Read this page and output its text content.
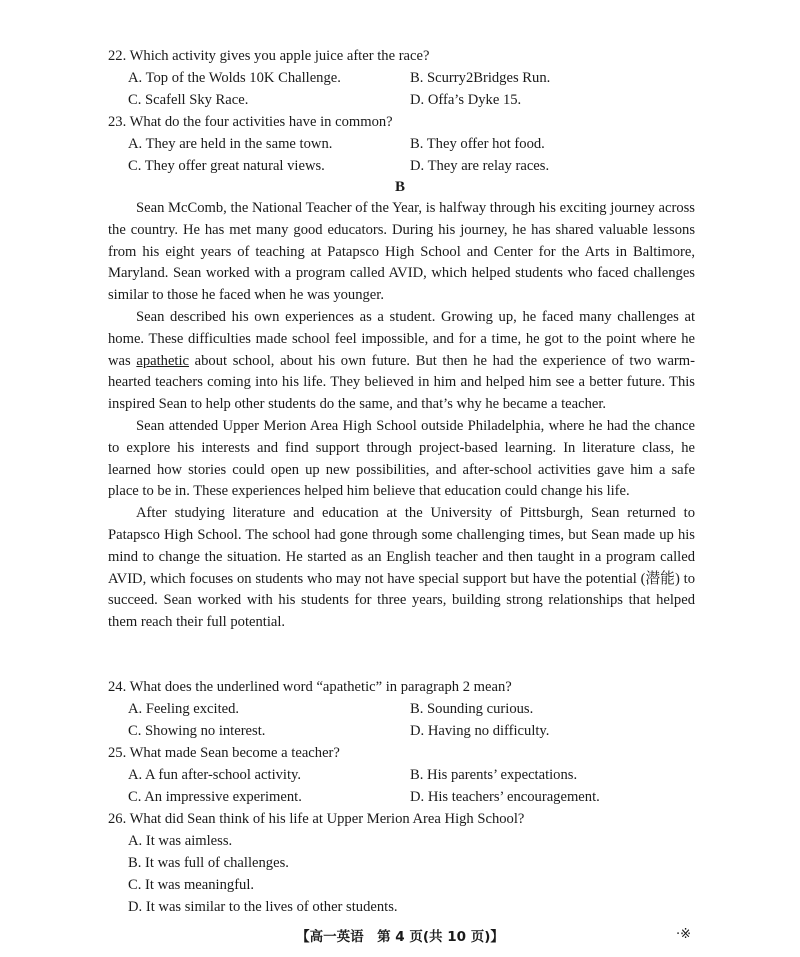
22. Which activity gives you apple juice after the race?
A. Top of the Wolds 10K Challenge.	B. Scurry2Bridges Run.
C. Scafell Sky Race.	D. Offa’s Dyke 15.
23. What do the four activities have in common?
A. They are held in the same town.	B. They offer hot food.
C. They offer great natural views.	D. They are relay races.
B

Sean McComb, the National Teacher of the Year, is halfway through his exciting journey across the country. He has met many good educators. During his journey, he has shared valuable lessons from his eight years of teaching at Patapsco High School and Center for the Arts in Baltimore, Maryland. Sean worked with a program called AVID, which helped students who faced challenges similar to those he faced when he was younger.

Sean described his own experiences as a student. Growing up, he faced many challenges at home. These difficulties made school feel impossible, and for a time, he got to the point where he was apathetic about school, about his own future. But then he had the experience of two warm-hearted teachers coming into his life. They believed in him and helped him see a better future. This inspired Sean to help other students do the same, and that’s why he became a teacher.

Sean attended Upper Merion Area High School outside Philadelphia, where he had the chance to explore his interests and find support through project-based learning. In literature class, he learned how stories could open up new possibilities, and after-school activities gave him a safe place to be in. These experiences helped him believe that education could change his life.

After studying literature and education at the University of Pittsburgh, Sean returned to Patapsco High School. The school had gone through some challenging times, but Sean made up his mind to change the situation. He started as an English teacher and then taught in a program called AVID, which focuses on students who may not have special support but have the potential (潜能) to succeed. Sean worked with his students for three years, building strong relationships that helped them reach their full potential.

24. What does the underlined word “apathetic” in paragraph 2 mean?
A. Feeling excited.	B. Sounding curious.
C. Showing no interest.	D. Having no difficulty.
25. What made Sean become a teacher?
A. A fun after-school activity.	B. His parents’ expectations.
C. An impressive experiment.	D. His teachers’ encouragement.
26. What did Sean think of his life at Upper Merion Area High School?
A. It was aimless.
B. It was full of challenges.
C. It was meaningful.
D. It was similar to the lives of other students.
【高一英语　第 4 页(共 10 页)】	·※
